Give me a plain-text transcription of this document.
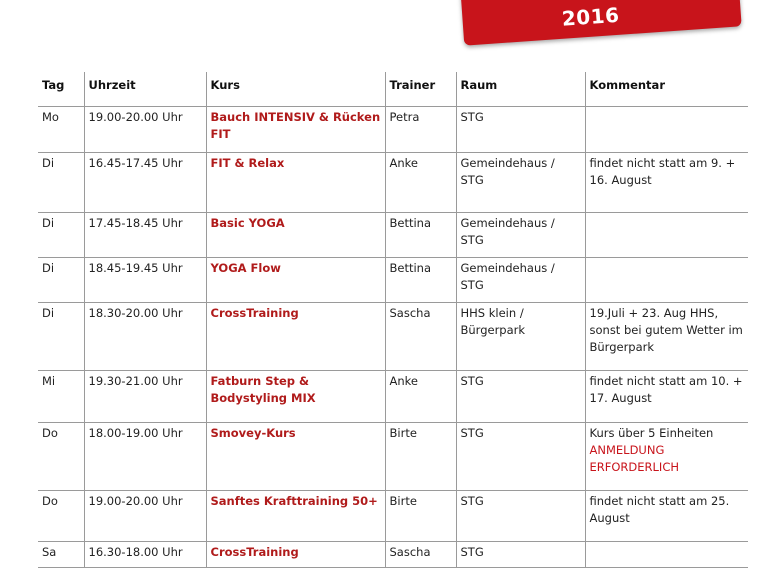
2016
Tag	Uhrzeit	Kurs	Trainer	Raum	Kommentar
Mo	19.00-20.00 Uhr	Bauch INTENSIV & Rücken FIT	Petra	STG	
Di	16.45-17.45 Uhr	FIT & Relax	Anke	Gemeindehaus / STG	findet nicht statt am 9. + 16. August
Di	17.45-18.45 Uhr	Basic YOGA	Bettina	Gemeindehaus / STG	
Di	18.45-19.45 Uhr	YOGA Flow	Bettina	Gemeindehaus / STG	
Di	18.30-20.00 Uhr	CrossTraining	Sascha	HHS klein / Bürgerpark	19.Juli + 23. Aug HHS, sonst bei gutem Wetter im Bürgerpark
Mi	19.30-21.00 Uhr	Fatburn Step & Bodystyling MIX	Anke	STG	findet nicht statt am 10. + 17. August
Do	18.00-19.00 Uhr	Smovey-Kurs	Birte	STG	Kurs über 5 Einheiten
ANMELDUNG ERFORDERLICH

Do	19.00-20.00 Uhr	Sanftes Krafttraining 50+	Birte	STG	findet nicht statt am 25. August
Sa	16.30-18.00 Uhr	CrossTraining	Sascha	STG	
